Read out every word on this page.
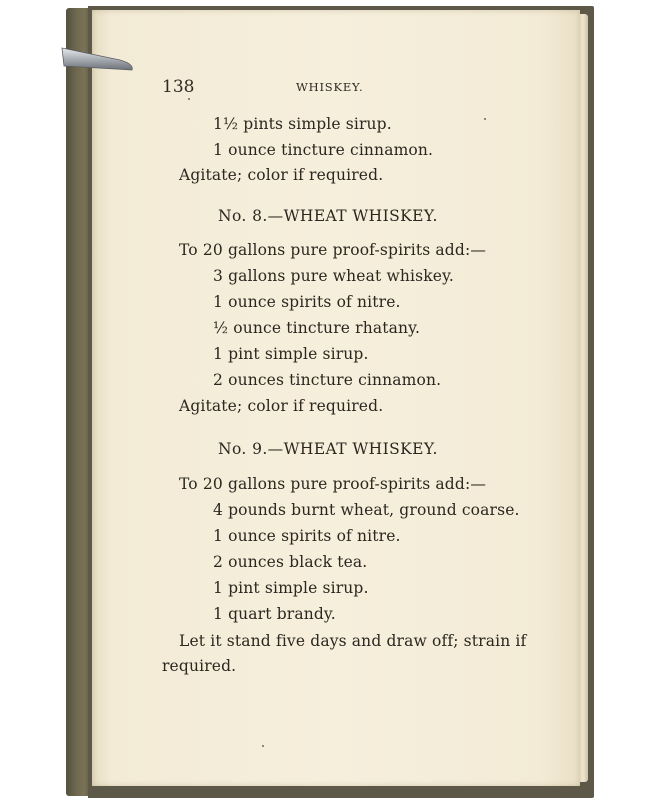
138	WHISKEY.
1½ pints simple sirup.
1 ounce tincture cinnamon.
Agitate; color if required.
No. 8.—WHEAT WHISKEY.
To 20 gallons pure proof-spirits add:—
3 gallons pure wheat whiskey.
1 ounce spirits of nitre.
½ ounce tincture rhatany.
1 pint simple sirup.
2 ounces tincture cinnamon.
Agitate; color if required.
No. 9.—WHEAT WHISKEY.
To 20 gallons pure proof-spirits add:—
4 pounds burnt wheat, ground coarse.
1 ounce spirits of nitre.
2 ounces black tea.
1 pint simple sirup.
1 quart brandy.
Let it stand five days and draw off; strain if
required.
